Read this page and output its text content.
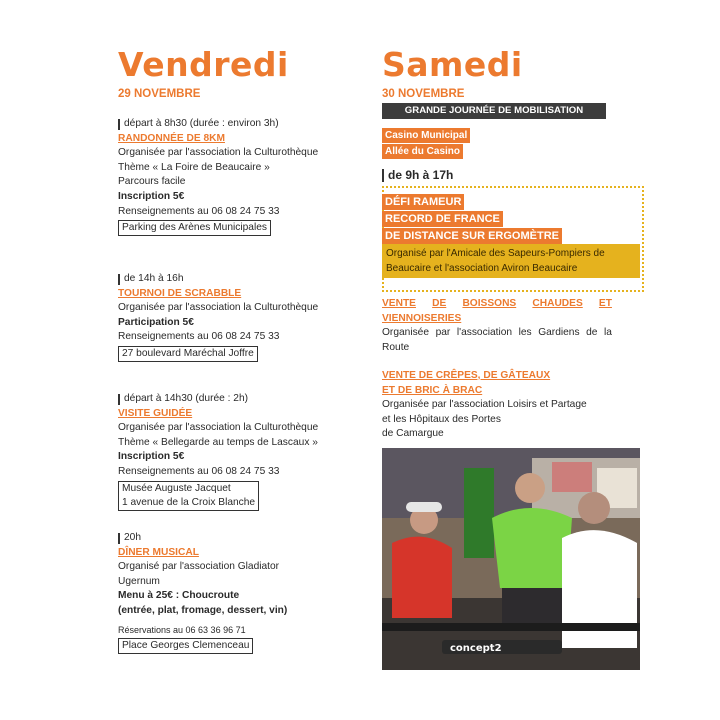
Vendredi
29 NOVEMBRE
départ à 8h30 (durée : environ 3h)
RANDONNÉE DE 8KM
Organisée par l'association la Culturothèque
Thème « La Foire de Beaucaire »
Parcours facile
Inscription 5€
Renseignements au 06 08 24 75 33
Parking des Arènes Municipales
de 14h à 16h
TOURNOI DE SCRABBLE
Organisée par l'association la Culturothèque
Participation 5€
Renseignements au 06 08 24 75 33
27 boulevard Maréchal Joffre
départ à 14h30 (durée : 2h)
VISITE GUIDÉE
Organisée par l'association la Culturothèque
Thème « Bellegarde au temps de Lascaux »
Inscription 5€
Renseignements au 06 08 24 75 33
Musée Auguste Jacquet
1 avenue de la Croix Blanche
20h
DÎNER MUSICAL
Organisé par l'association Gladiator
Ugernum
Menu à 25€ : Choucroute
(entrée, plat, fromage, dessert, vin)
Réservations au 06 63 36 96 71
Place Georges Clemenceau
Samedi
30 NOVEMBRE
GRANDE JOURNÉE DE MOBILISATION
Casino Municipal
Allée du Casino
de 9h à 17h
DÉFI RAMEUR
RECORD DE FRANCE
DE DISTANCE SUR ERGOMÈTRE
Organisé par l'Amicale des Sapeurs-Pompiers de Beaucaire et l'association Aviron Beaucaire
VENTE DE BOISSONS CHAUDES ET
VIENNOISERIES
Organisée par l'association les Gardiens de la
Route
VENTE DE CRÊPES, DE GÂTEAUX
ET DE BRIC À BRAC
Organisée par l'association Loisirs et Partage
et les Hôpitaux des Portes
de Camargue
concept2
